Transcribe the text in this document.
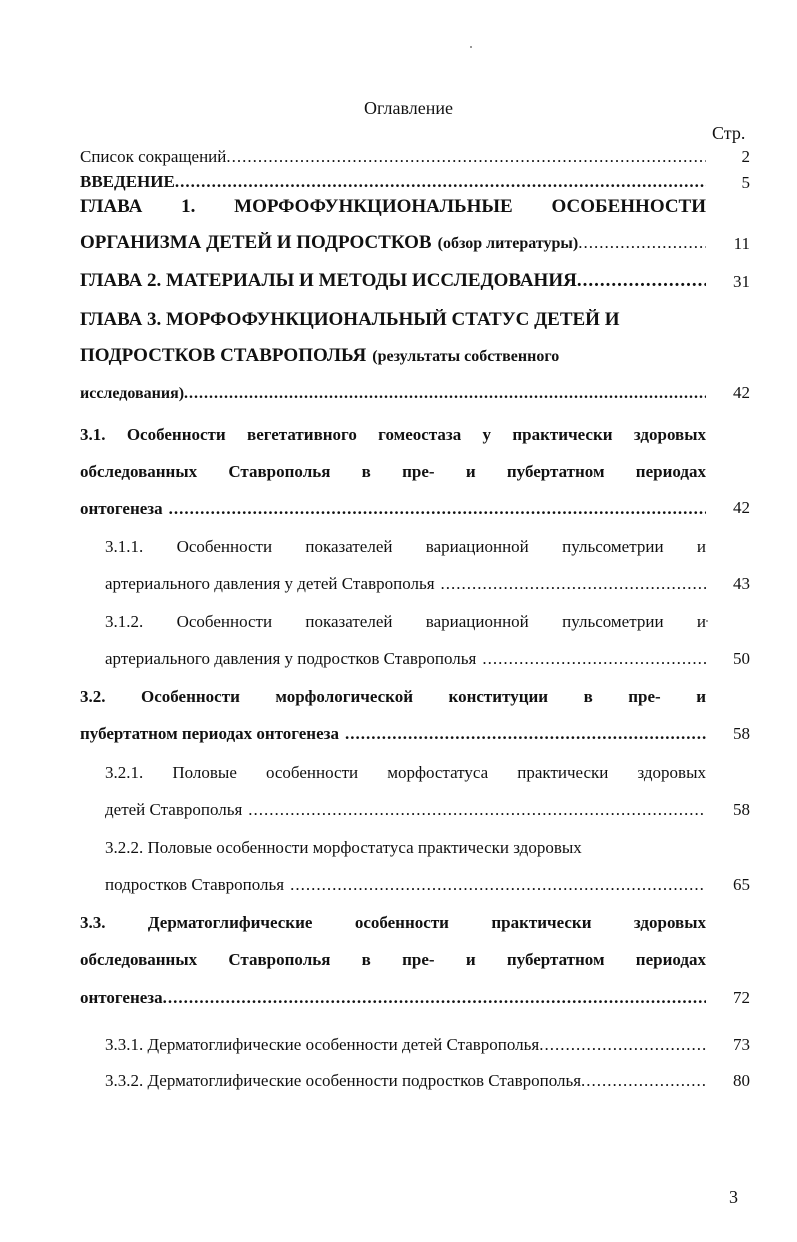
Оглавление
Стр.
Список сокращений .....	2
ВВЕДЕНИЕ .....	5
ГЛАВА 1. МОРФОФУНКЦИОНАЛЬНЫЕ ОСОБЕННОСТИ
ОРГАНИЗМА ДЕТЕЙ И ПОДРОСТКОВ (обзор литературы) .....	11
ГЛАВА 2. МАТЕРИАЛЫ И МЕТОДЫ ИССЛЕДОВАНИЯ .....	31
ГЛАВА 3. МОРФОФУНКЦИОНАЛЬНЫЙ СТАТУС ДЕТЕЙ И
ПОДРОСТКОВ СТАВРОПОЛЬЯ (результаты собственного
исследования) .....	42
3.1. Особенности вегетативного гомеостаза у практически здоровых
обследованных Ставрополья в пре- и пубертатном периодах
онтогенеза .....	42
3.1.1. Особенности показателей вариационной пульсометрии и
артериального давления у детей Ставрополья .....	43
3.1.2. Особенности показателей вариационной пульсометрии и
артериального давления у подростков Ставрополья .....	50
3.2. Особенности морфологической конституции в пре- и
пубертатном периодах онтогенеза .....	58
3.2.1. Половые особенности морфостатуса практически здоровых
детей Ставрополья .....	58
3.2.2. Половые особенности морфостатуса практически здоровых
подростков Ставрополья .....	65
3.3. Дерматоглифические особенности практически здоровых
обследованных Ставрополья в пре- и пубертатном периодах
онтогенеза .....	72
3.3.1. Дерматоглифические особенности детей Ставрополья .....	73
3.3.2. Дерматоглифические особенности подростков Ставрополья .....	80
3
